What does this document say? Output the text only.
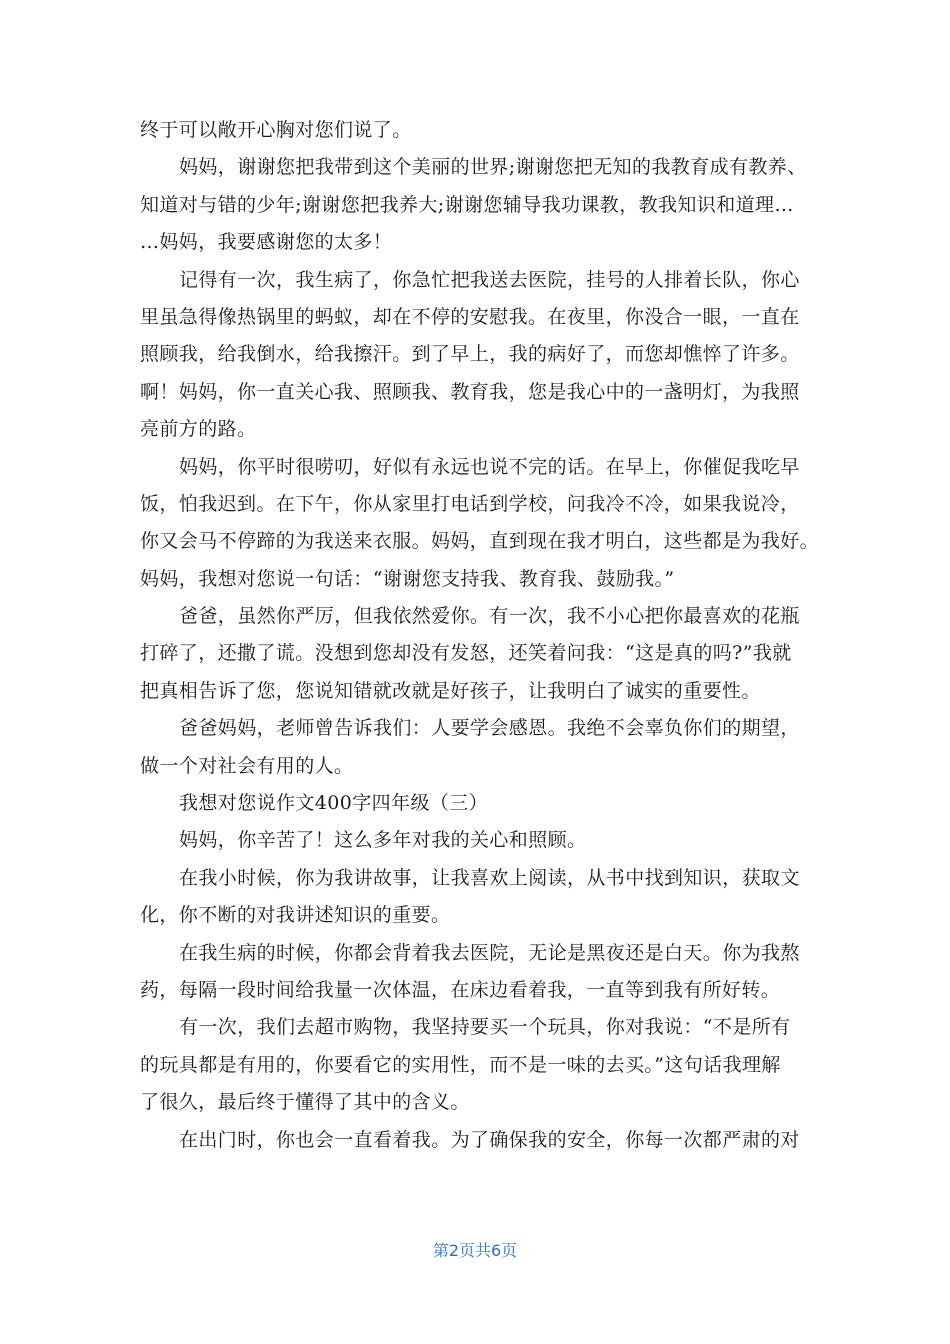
终于可以敞开心胸对您们说了。
妈妈，谢谢您把我带到这个美丽的世界;谢谢您把无知的我教育成有教养、
知道对与错的少年;谢谢您把我养大;谢谢您辅导我功课教，教我知识和道理…
…妈妈，我要感谢您的太多！
记得有一次，我生病了，你急忙把我送去医院，挂号的人排着长队，你心
里虽急得像热锅里的蚂蚁，却在不停的安慰我。在夜里，你没合一眼，一直在
照顾我，给我倒水，给我擦汗。到了早上，我的病好了，而您却憔悴了许多。
啊！妈妈，你一直关心我、照顾我、教育我，您是我心中的一盏明灯，为我照
亮前方的路。
妈妈，你平时很唠叨，好似有永远也说不完的话。在早上，你催促我吃早
饭，怕我迟到。在下午，你从家里打电话到学校，问我冷不冷，如果我说冷，
你又会马不停蹄的为我送来衣服。妈妈，直到现在我才明白，这些都是为我好。
妈妈，我想对您说一句话：“谢谢您支持我、教育我、鼓励我。”
爸爸，虽然你严厉，但我依然爱你。有一次，我不小心把你最喜欢的花瓶
打碎了，还撒了谎。没想到您却没有发怒，还笑着问我：“这是真的吗?”我就
把真相告诉了您，您说知错就改就是好孩子，让我明白了诚实的重要性。
爸爸妈妈，老师曾告诉我们：人要学会感恩。我绝不会辜负你们的期望，
做一个对社会有用的人。
我想对您说作文400字四年级（三）
妈妈，你辛苦了！这么多年对我的关心和照顾。
在我小时候，你为我讲故事，让我喜欢上阅读，从书中找到知识，获取文
化，你不断的对我讲述知识的重要。
在我生病的时候，你都会背着我去医院，无论是黑夜还是白天。你为我熬
药，每隔一段时间给我量一次体温，在床边看着我，一直等到我有所好转。
有一次，我们去超市购物，我坚持要买一个玩具，你对我说：“不是所有
的玩具都是有用的，你要看它的实用性，而不是一味的去买。”这句话我理解
了很久，最后终于懂得了其中的含义。
在出门时，你也会一直看着我。为了确保我的安全，你每一次都严肃的对
第2页共6页
